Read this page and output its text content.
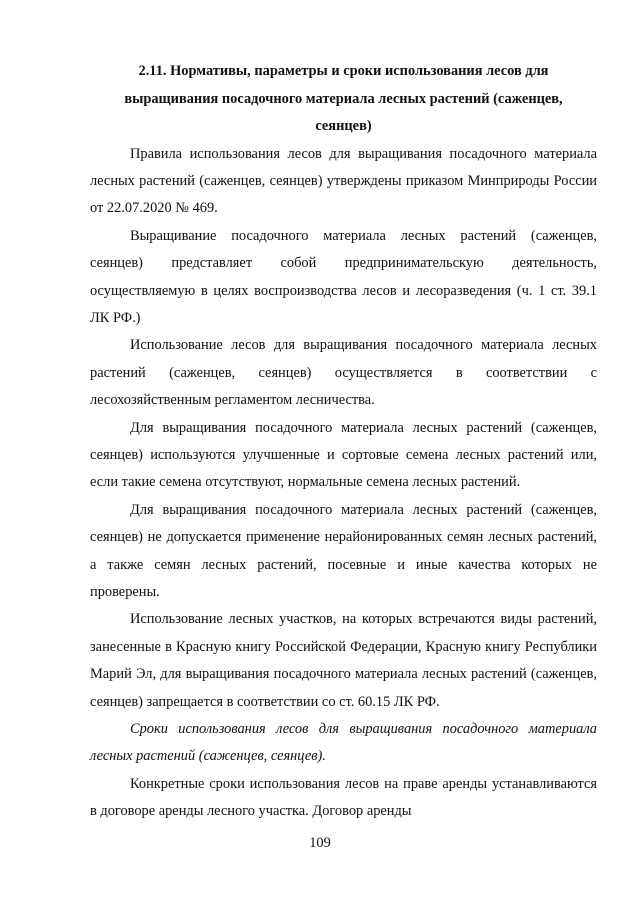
2.11. Нормативы, параметры и сроки использования лесов для
выращивания посадочного материала лесных растений (саженцев,
сеянцев)

Правила использования лесов для выращивания посадочного материала лесных растений (саженцев, сеянцев) утверждены приказом Минприроды России от 22.07.2020 № 469.

Выращивание посадочного материала лесных растений (саженцев, сеянцев) представляет собой предпринимательскую деятельность, осуществляемую в целях воспроизводства лесов и лесоразведения (ч. 1 ст. 39.1 ЛК РФ.)

Использование лесов для выращивания посадочного материала лесных растений (саженцев, сеянцев) осуществляется в соответствии с лесохозяйственным регламентом лесничества.

Для выращивания посадочного материала лесных растений (саженцев, сеянцев) используются улучшенные и сортовые семена лесных растений или, если такие семена отсутствуют, нормальные семена лесных растений.

Для выращивания посадочного материала лесных растений (саженцев, сеянцев) не допускается применение нерайонированных семян лесных растений, а также семян лесных растений, посевные и иные качества которых не проверены.

Использование лесных участков, на которых встречаются виды растений, занесенные в Красную книгу Российской Федерации, Красную книгу Республики Марий Эл, для выращивания посадочного материала лесных растений (саженцев, сеянцев) запрещается в соответствии со ст. 60.15 ЛК РФ.

Сроки использования лесов для выращивания посадочного материала лесных растений (саженцев, сеянцев).

Конкретные сроки использования лесов на праве аренды устанавливаются в договоре аренды лесного участка. Договор аренды

109
